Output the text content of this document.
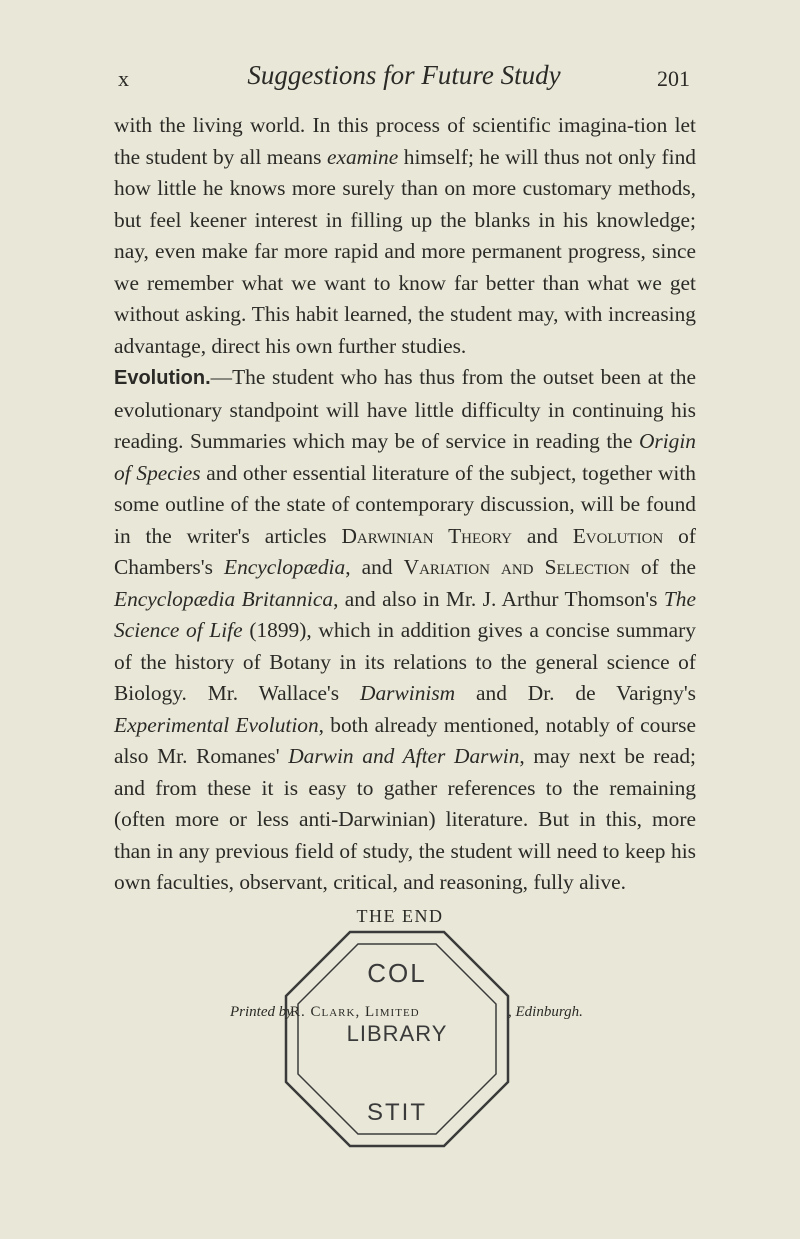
x	Suggestions for Future Study	201

with the living world. In this process of scientific imagina-tion let the student by all means examine himself; he will thus not only find how little he knows more surely than on more customary methods, but feel keener interest in filling up the blanks in his knowledge; nay, even make far more rapid and more permanent progress, since we remember what we want to know far better than what we get without asking. This habit learned, the student may, with increasing advantage, direct his own further studies.

Evolution.—The student who has thus from the outset been at the evolutionary standpoint will have little difficulty in continuing his reading. Summaries which may be of service in reading the Origin of Species and other essential literature of the subject, together with some outline of the state of contemporary discussion, will be found in the writer's articles Darwinian Theory and Evolution of Chambers's Encyclopædia, and Variation and Selection of the Encyclopædia Britannica, and also in Mr. J. Arthur Thomson's The Science of Life (1899), which in addition gives a concise summary of the history of Botany in its relations to the general science of Biology. Mr. Wallace's Darwinism and Dr. de Varigny's Experimental Evolution, both already mentioned, notably of course also Mr. Romanes' Darwin and After Darwin, may next be read; and from these it is easy to gather references to the remaining (often more or less anti-Darwinian) literature. But in this, more than in any previous field of study, the student will need to keep his own faculties, observant, critical, and reasoning, fully alive.

THE END
COL
STIT
LIBRARY
Printed by
R. Clark, Limited	, Edinburgh.
